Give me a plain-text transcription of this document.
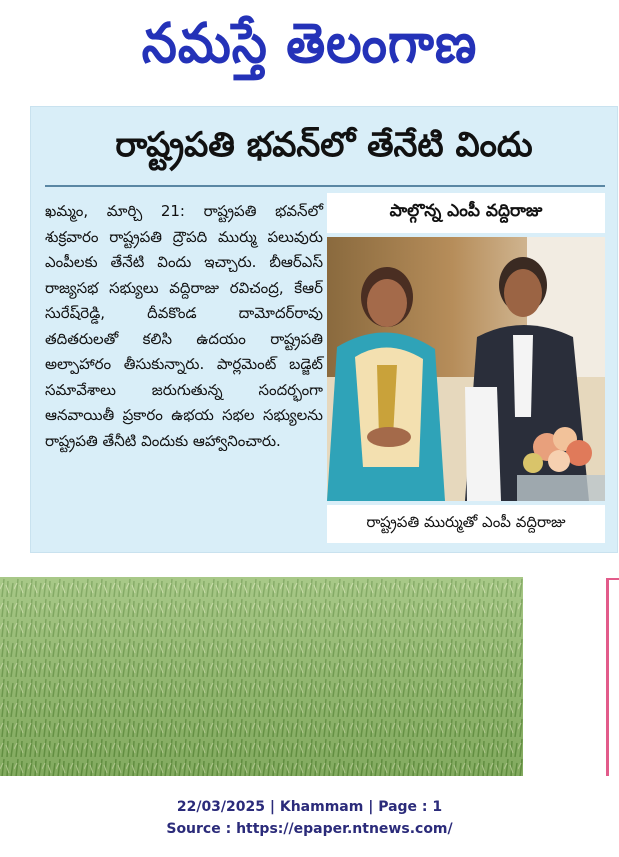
నమస్తే తెలంగాణ
రాష్ట్రపతి భవన్‌లో తేనేటి విందు
ఖమ్మం, మార్చి 21: రాష్ట్రపతి భవన్‌లో శుక్రవారం రాష్ట్రపతి ద్రౌపది ముర్ము పలువురు ఎంపీలకు తేనేటి విందు ఇచ్చారు. బీఆర్‌ఎస్ రాజ్యసభ సభ్యులు వద్దిరాజు రవిచంద్ర, కేఆర్ సురేష్‌రెడ్డి, దీవకొండ దామోదర్‌రావు తదితరులతో కలిసి ఉదయం రాష్ట్రపతి అల్పాహారం తీసుకున్నారు. పార్లమెంట్ బడ్జెట్ సమావేశాలు జరుగుతున్న సందర్భంగా ఆనవాయితీ ప్రకారం ఉభయ సభల సభ్యులను రాష్ట్రపతి తేనీటి విందుకు ఆహ్వానించారు.
పాల్గొన్న ఎంపీ వద్దిరాజు
రాష్ట్రపతి ముర్ముతో ఎంపీ వద్దిరాజు
22/03/2025 | Khammam | Page : 1
Source : https://epaper.ntnews.com/
